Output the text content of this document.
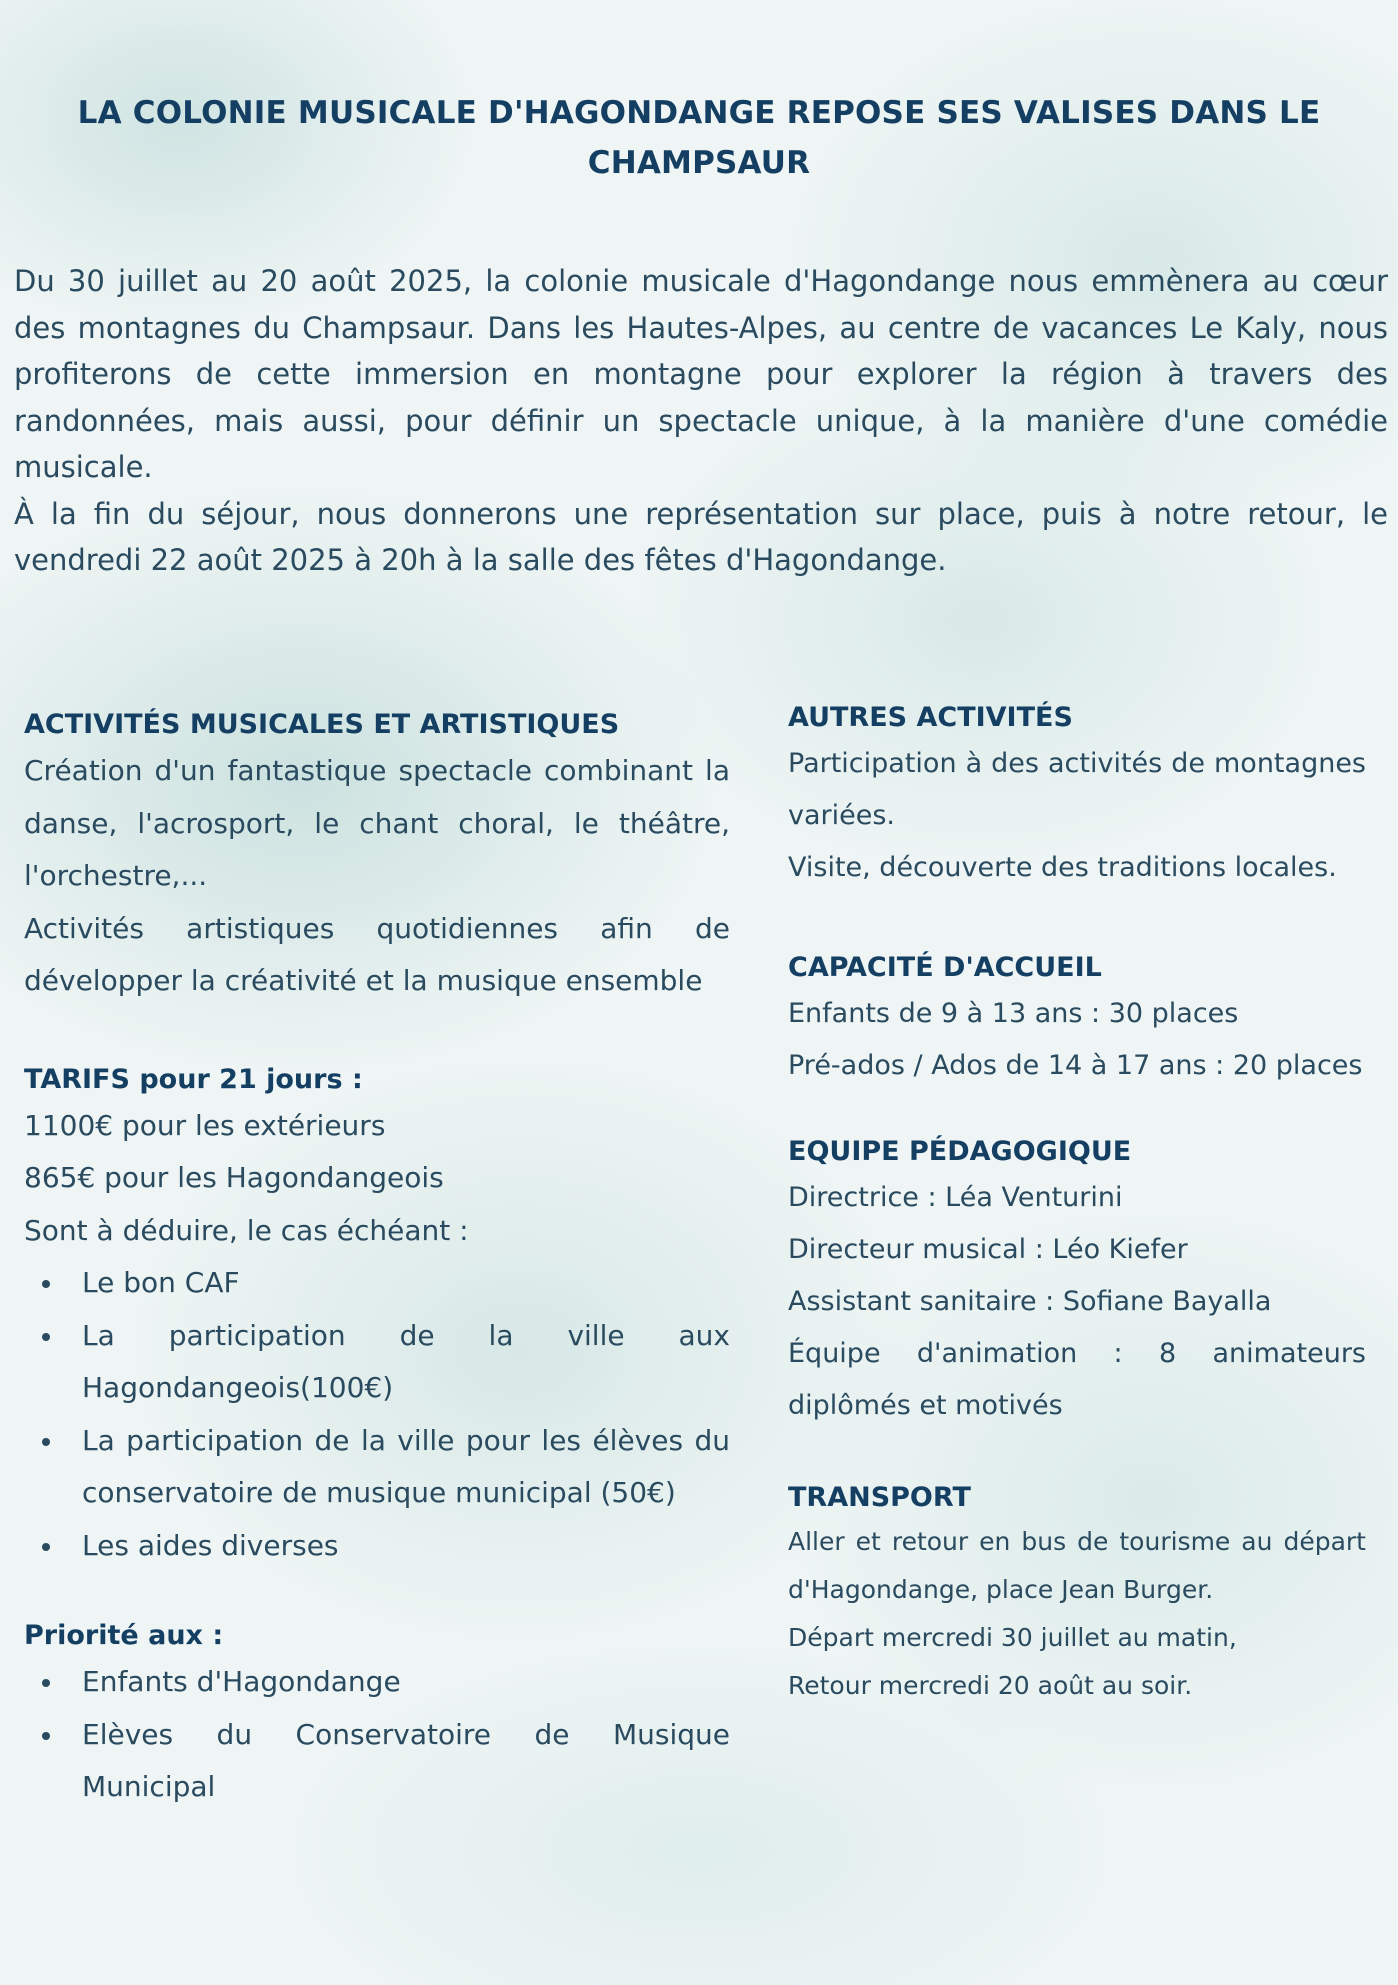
LA COLONIE MUSICALE D'HAGONDANGE REPOSE SES VALISES DANS LE CHAMPSAUR

Du 30 juillet au 20 août 2025, la colonie musicale d'Hagondange nous emmènera au cœur des montagnes du Champsaur. Dans les Hautes-Alpes, au centre de vacances Le Kaly, nous profiterons de cette immersion en montagne pour explorer la région à travers des randonnées, mais aussi, pour définir un spectacle unique, à la manière d'une comédie musicale.

À la fin du séjour, nous donnerons une représentation sur place, puis à notre retour, le vendredi 22 août 2025 à 20h à la salle des fêtes d'Hagondange.

ACTIVITÉS MUSICALES ET ARTISTIQUES

Création d'un fantastique spectacle combinant la danse, l'acrosport, le chant choral, le théâtre, l'orchestre,...

Activités artistiques quotidiennes afin de développer la créativité et la musique ensemble

TARIFS pour 21 jours :

1100€ pour les extérieurs

865€ pour les Hagondangeois

Sont à déduire, le cas échéant :

Le bon CAF
La participation de la ville aux Hagondangeois(100€)
La participation de la ville pour les élèves du conservatoire de musique municipal (50€)
Les aides diverses
Priorité aux :
Enfants d'Hagondange
Elèves du Conservatoire de Musique Municipal
AUTRES ACTIVITÉS

Participation à des activités de montagnes variées.

Visite, découverte des traditions locales.

CAPACITÉ D'ACCUEIL

Enfants de 9 à 13 ans : 30 places

Pré-ados / Ados de 14 à 17 ans : 20 places

EQUIPE PÉDAGOGIQUE

Directrice : Léa Venturini

Directeur musical : Léo Kiefer

Assistant sanitaire : Sofiane Bayalla

Équipe d'animation : 8 animateurs diplômés et motivés

TRANSPORT

Aller et retour en bus de tourisme au départ d'Hagondange, place Jean Burger.

Départ mercredi 30 juillet au matin,

Retour mercredi 20 août au soir.
